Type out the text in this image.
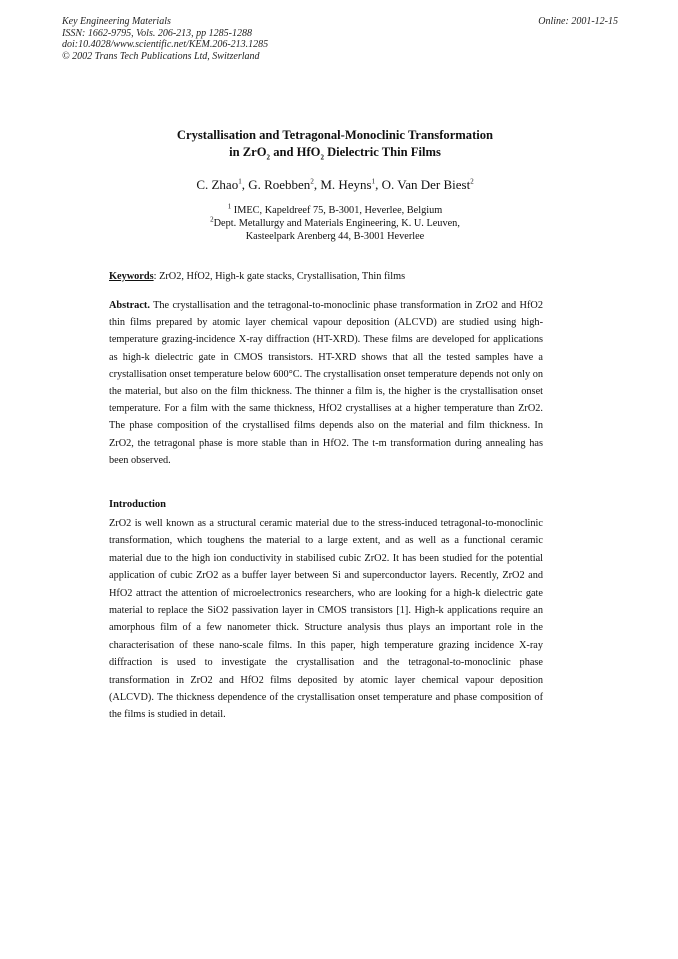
Key Engineering Materials
ISSN: 1662-9795, Vols. 206-213, pp 1285-1288
doi:10.4028/www.scientific.net/KEM.206-213.1285
© 2002 Trans Tech Publications Ltd, Switzerland
Online: 2001-12-15
Crystallisation and Tetragonal-Monoclinic Transformation
in ZrO$_2$ and HfO$_2$ Dielectric Thin Films
C. Zhao$^1$, G. Roebben$^2$, M. Heyns$^1$, O. Van Der Biest$^2$
$^1$ IMEC, Kapeldreef 75, B-3001, Heverlee, Belgium
$^2$Dept. Metallurgy and Materials Engineering, K. U. Leuven,
Kasteelpark Arenberg 44, B-3001 Heverlee
Keywords: ZrO2, HfO2, High-k gate stacks, Crystallisation, Thin films
Abstract. The crystallisation and the tetragonal-to-monoclinic phase transformation in ZrO2 and HfO2 thin films prepared by atomic layer chemical vapour deposition (ALCVD) are studied using high-temperature grazing-incidence X-ray diffraction (HT-XRD). These films are developed for applications as high-k dielectric gate in CMOS transistors. HT-XRD shows that all the tested samples have a crystallisation onset temperature below 600°C. The crystallisation onset temperature depends not only on the material, but also on the film thickness. The thinner a film is, the higher is the crystallisation onset temperature. For a film with the same thickness, HfO2 crystallises at a higher temperature than ZrO2. The phase composition of the crystallised films depends also on the material and film thickness. In ZrO2, the tetragonal phase is more stable than in HfO2. The t-m transformation during annealing has been observed.
Introduction
ZrO2 is well known as a structural ceramic material due to the stress-induced tetragonal-to-monoclinic transformation, which toughens the material to a large extent, and as well as a functional ceramic material due to the high ion conductivity in stabilised cubic ZrO2. It has been studied for the potential application of cubic ZrO2 as a buffer layer between Si and superconductor layers. Recently, ZrO2 and HfO2 attract the attention of microelectronics researchers, who are looking for a high-k dielectric gate material to replace the SiO2 passivation layer in CMOS transistors [1]. High-k applications require an amorphous film of a few nanometer thick. Structure analysis thus plays an important role in the characterisation of these nano-scale films. In this paper, high temperature grazing incidence X-ray diffraction is used to investigate the crystallisation and the tetragonal-to-monoclinic phase transformation in ZrO2 and HfO2 films deposited by atomic layer chemical vapour deposition (ALCVD). The thickness dependence of the crystallisation onset temperature and phase composition of the films is studied in detail.
